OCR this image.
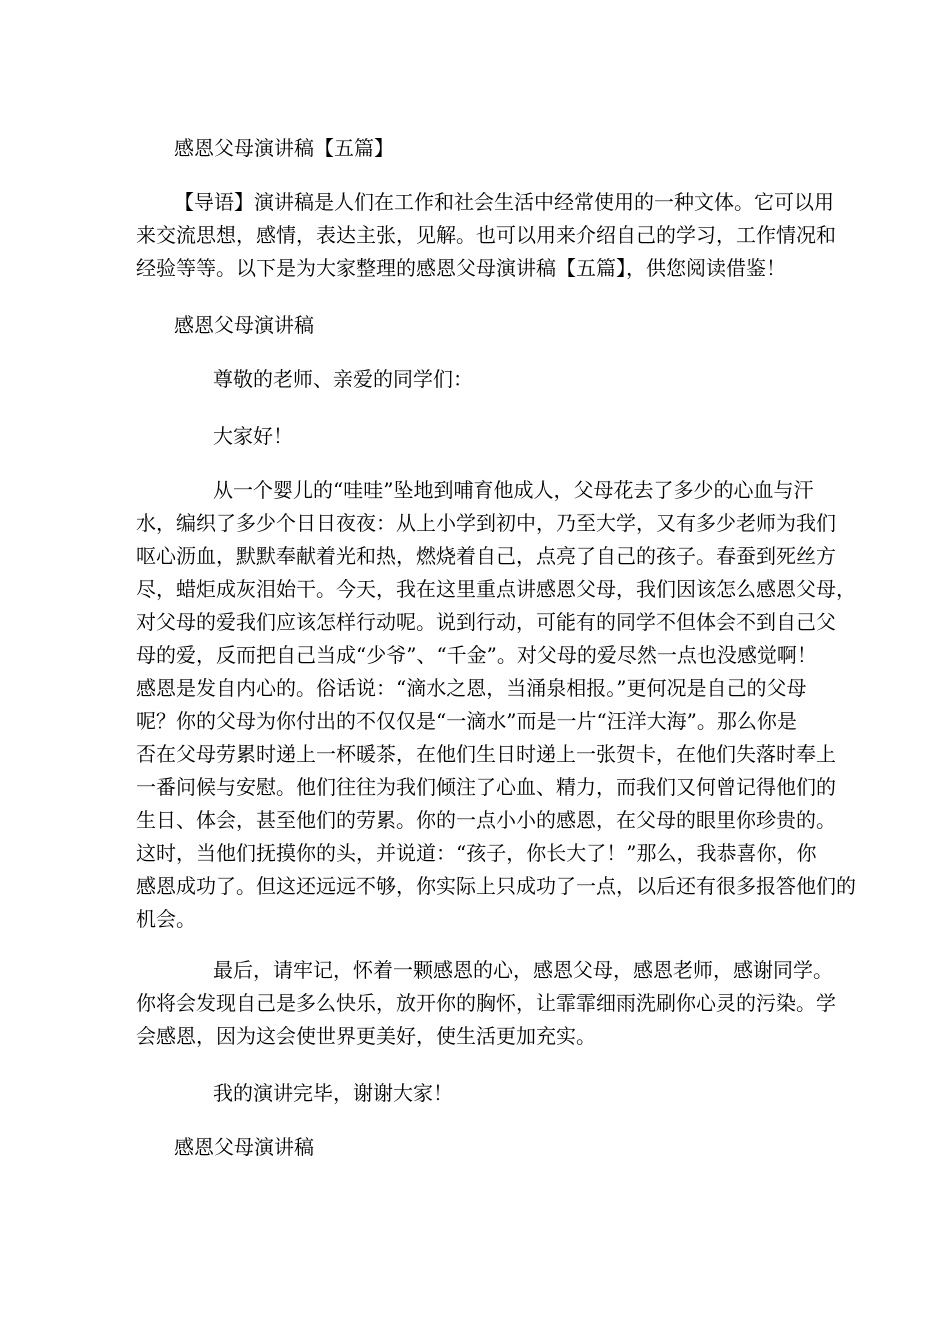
感恩父母演讲稿【五篇】
【导语】演讲稿是人们在工作和社会生活中经常使用的一种文体。它可以用
来交流思想，感情，表达主张，见解。也可以用来介绍自己的学习，工作情况和
经验等等。以下是为大家整理的感恩父母演讲稿【五篇】，供您阅读借鉴！
感恩父母演讲稿
尊敬的老师、亲爱的同学们：
大家好！
从一个婴儿的“哇哇”坠地到哺育他成人，父母花去了多少的心血与汗
水，编织了多少个日日夜夜：从上小学到初中，乃至大学，又有多少老师为我们
呕心沥血，默默奉献着光和热，燃烧着自己，点亮了自己的孩子。春蚕到死丝方
尽，蜡炬成灰泪始干。今天，我在这里重点讲感恩父母，我们因该怎么感恩父母，
对父母的爱我们应该怎样行动呢。说到行动，可能有的同学不但体会不到自己父
母的爱，反而把自己当成“少爷”、“千金”。对父母的爱尽然一点也没感觉啊！
感恩是发自内心的。俗话说：“滴水之恩，当涌泉相报。”更何况是自己的父母
呢？你的父母为你付出的不仅仅是“一滴水”而是一片“汪洋大海”。那么你是
否在父母劳累时递上一杯暖茶，在他们生日时递上一张贺卡，在他们失落时奉上
一番问候与安慰。他们往往为我们倾注了心血、精力，而我们又何曾记得他们的
生日、体会，甚至他们的劳累。你的一点小小的感恩，在父母的眼里你珍贵的。
这时，当他们抚摸你的头，并说道：“孩子，你长大了！”那么，我恭喜你，你
感恩成功了。但这还远远不够，你实际上只成功了一点，以后还有很多报答他们的
机会。
最后，请牢记，怀着一颗感恩的心，感恩父母，感恩老师，感谢同学。
你将会发现自己是多么快乐，放开你的胸怀，让霏霏细雨洗刷你心灵的污染。学
会感恩，因为这会使世界更美好，使生活更加充实。
我的演讲完毕，谢谢大家！
感恩父母演讲稿
